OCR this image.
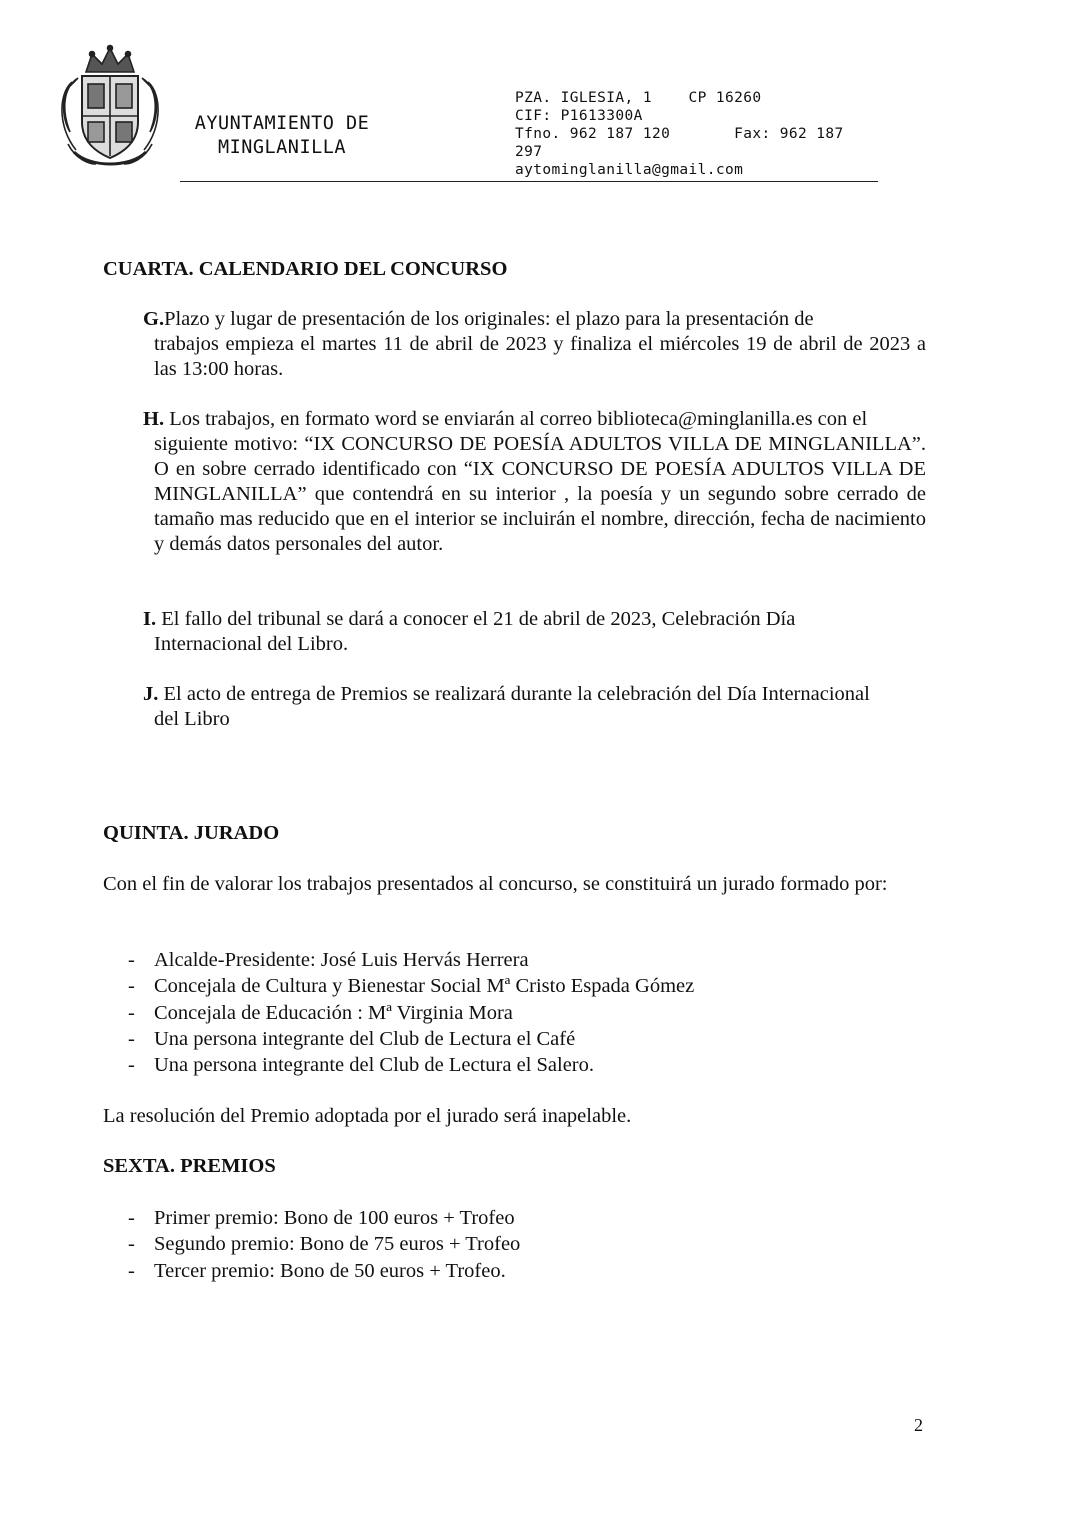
AYUNTAMIENTO DE
MINGLANILLA
PZA. IGLESIA, 1    CP 16260
CIF: P1613300A
Tfno. 962 187 120       Fax: 962 187
297
aytominglanilla@gmail.com
CUARTA. CALENDARIO DEL CONCURSO
G.Plazo y lugar de presentación de los originales: el plazo para la presentación de
trabajos empieza el martes 11 de abril de 2023 y finaliza el miércoles 19 de abril de 2023 a las 13:00 horas.
H. Los trabajos, en formato word se enviarán al correo biblioteca@minglanilla.es con el
siguiente motivo: “IX CONCURSO DE POESÍA ADULTOS VILLA DE MINGLANILLA”. O en sobre cerrado identificado con “IX CONCURSO DE POESÍA ADULTOS VILLA DE MINGLANILLA” que contendrá en su interior , la poesía y un segundo sobre cerrado de tamaño mas reducido que en el interior se incluirán el nombre, dirección, fecha de nacimiento y demás datos personales del autor.
I. El fallo del tribunal se dará a conocer el 21 de abril de 2023, Celebración Día
Internacional del Libro.
J. El acto de entrega de Premios se realizará durante la celebración del Día Internacional
del Libro
QUINTA. JURADO
Con el fin de valorar los trabajos presentados al concurso, se constituirá un jurado formado por:
- Alcalde-Presidente: José Luis Hervás Herrera
- Concejala de Cultura y Bienestar Social Mª Cristo Espada Gómez
- Concejala de Educación : Mª Virginia Mora
- Una persona integrante del Club de Lectura el Café
- Una persona integrante del Club de Lectura el Salero.
La resolución del Premio adoptada por el jurado será inapelable.
SEXTA. PREMIOS
- Primer premio: Bono de 100 euros + Trofeo
- Segundo premio: Bono de 75 euros + Trofeo
- Tercer premio: Bono de 50 euros + Trofeo.
2
